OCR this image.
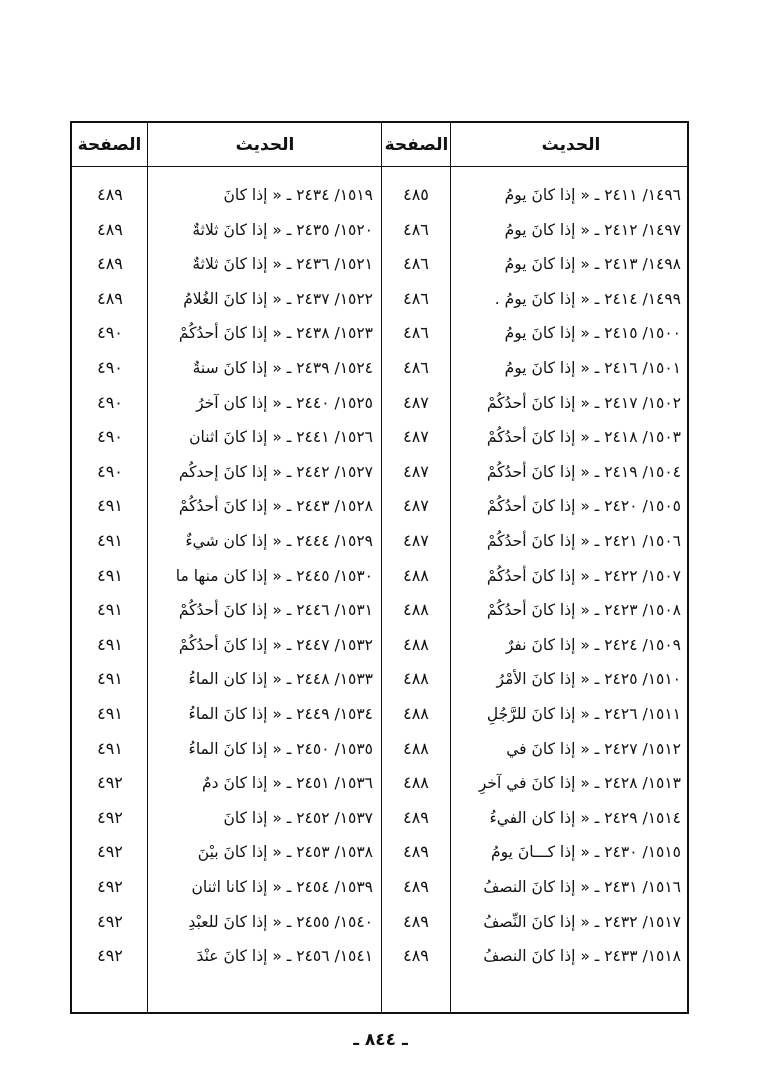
الحديث
الصفحة
الحديث
الصفحة
١٤٩٦/ ٢٤١١ ـ « إذا كانَ يومُ
٤٨٥
١٤٩٧/ ٢٤١٢ ـ « إذا كانَ يومُ
٤٨٦
١٤٩٨/ ٢٤١٣ ـ « إذا كانَ يومُ
٤٨٦
١٤٩٩/ ٢٤١٤ ـ « إذا كانَ يومُ .
٤٨٦
١٥٠٠/ ٢٤١٥ ـ « إذا كانَ يومُ
٤٨٦
١٥٠١/ ٢٤١٦ ـ « إذا كانَ يومُ
٤٨٦
١٥٠٢/ ٢٤١٧ ـ « إذا كانَ أحدُكُمْ
٤٨٧
١٥٠٣/ ٢٤١٨ ـ « إذا كانَ أحدُكُمْ
٤٨٧
١٥٠٤/ ٢٤١٩ ـ « إذا كانَ أحدُكُمْ
٤٨٧
١٥٠٥/ ٢٤٢٠ ـ « إذا كانَ أحدُكُمْ
٤٨٧
١٥٠٦/ ٢٤٢١ ـ « إذا كانَ أحدُكُمْ
٤٨٧
١٥٠٧/ ٢٤٢٢ ـ « إذا كانَ أحدُكُمْ
٤٨٨
١٥٠٨/ ٢٤٢٣ ـ « إذا كانَ أحدُكُمْ
٤٨٨
١٥٠٩/ ٢٤٢٤ ـ « إذا كانَ نفرٌ
٤٨٨
١٥١٠/ ٢٤٢٥ ـ « إذا كانَ الأمْرُ
٤٨٨
١٥١١/ ٢٤٢٦ ـ « إذا كانَ للرَّجُلِ
٤٨٨
١٥١٢/ ٢٤٢٧ ـ « إذا كانَ في
٤٨٨
١٥١٣/ ٢٤٢٨ ـ « إذا كانَ في آخرِ
٤٨٨
١٥١٤/ ٢٤٢٩ ـ « إذا كان الفيءُ
٤٨٩
١٥١٥/ ٢٤٣٠ ـ « إذا كـــانَ يومُ
٤٨٩
١٥١٦/ ٢٤٣١ ـ « إذا كانَ النصفُ
٤٨٩
١٥١٧/ ٢٤٣٢ ـ « إذا كانَ النِّصفُ
٤٨٩
١٥١٨/ ٢٤٣٣ ـ « إذا كانَ النصفُ
٤٨٩
١٥١٩/ ٢٤٣٤ ـ « إذا كانَ
٤٨٩
١٥٢٠/ ٢٤٣٥ ـ « إذا كانَ ثلاثةٌ
٤٨٩
١٥٢١/ ٢٤٣٦ ـ « إذا كانَ ثلاثةٌ
٤٨٩
١٥٢٢/ ٢٤٣٧ ـ « إذا كانَ الغُلامُ
٤٨٩
١٥٢٣/ ٢٤٣٨ ـ « إذا كانَ أحدُكُمْ
٤٩٠
١٥٢٤/ ٢٤٣٩ ـ « إذا كانَ سنةٌ
٤٩٠
١٥٢٥/ ٢٤٤٠ ـ « إذا كان آخرُ
٤٩٠
١٥٢٦/ ٢٤٤١ ـ « إذا كانَ اثنان
٤٩٠
١٥٢٧/ ٢٤٤٢ ـ « إذا كانَ إحدكُم
٤٩٠
١٥٢٨/ ٢٤٤٣ ـ « إذا كانَ أحدُكُمْ
٤٩١
١٥٢٩/ ٢٤٤٤ ـ « إذا كان شيءٌ
٤٩١
١٥٣٠/ ٢٤٤٥ ـ « إذا كان منها ما
٤٩١
١٥٣١/ ٢٤٤٦ ـ « إذا كانَ أحدُكُمْ
٤٩١
١٥٣٢/ ٢٤٤٧ ـ « إذا كانَ أحدُكُمْ
٤٩١
١٥٣٣/ ٢٤٤٨ ـ « إذا كان الماءُ
٤٩١
١٥٣٤/ ٢٤٤٩ ـ « إذا كانَ الماءُ
٤٩١
١٥٣٥/ ٢٤٥٠ ـ « إذا كانَ الماءُ
٤٩١
١٥٣٦/ ٢٤٥١ ـ « إذا كانَ دمٌ
٤٩٢
١٥٣٧/ ٢٤٥٢ ـ « إذا كانَ
٤٩٢
١٥٣٨/ ٢٤٥٣ ـ « إذا كانَ بيْنَ
٤٩٢
١٥٣٩/ ٢٤٥٤ ـ « إذا كانا اثنان
٤٩٢
١٥٤٠/ ٢٤٥٥ ـ « إذا كانَ للعبْدِ
٤٩٢
١٥٤١/ ٢٤٥٦ ـ « إذا كانَ عنْدَ
٤٩٢
ـ ٨٤٤ ـ
